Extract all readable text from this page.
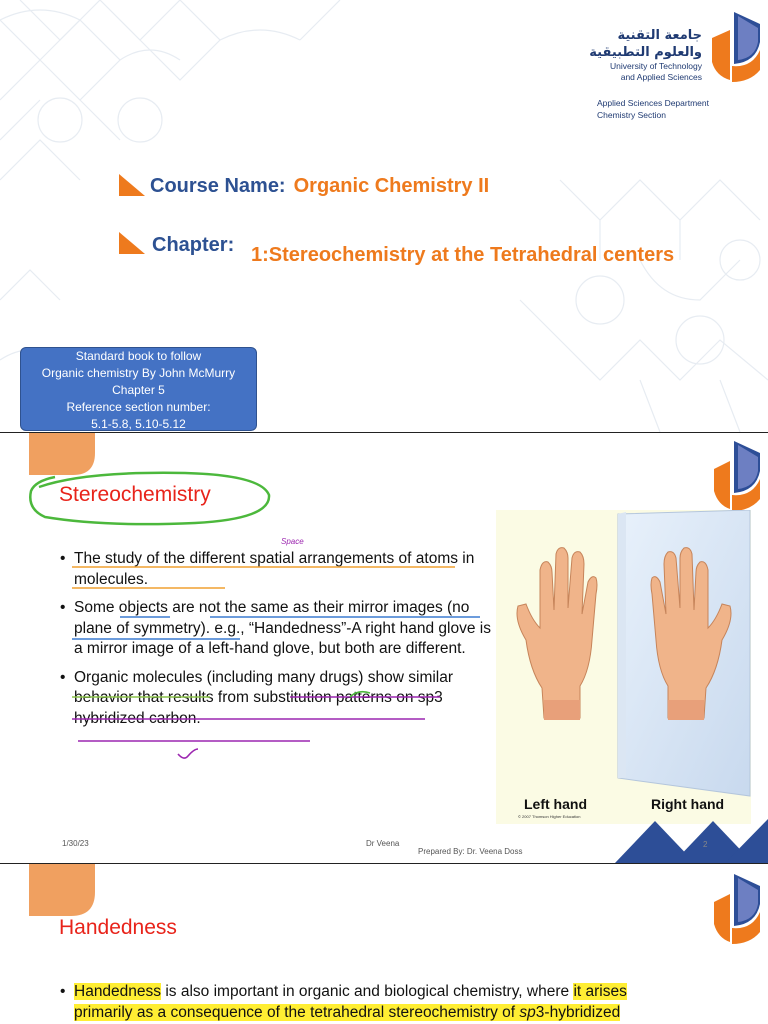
جامعة التقنية
والعلوم التطبيقية
University of Technology
and Applied Sciences
Applied Sciences Department
Chemistry Section
Course Name: Organic Chemistry II
Chapter: 1:Stereochemistry at the Tetrahedral centers
Standard book to follow
Organic chemistry By John McMurry
Chapter 5
Reference section number:
5.1-5.8, 5.10-5.12
Stereochemistry
Space
• The study of the different spatial arrangements of atoms in molecules.
• Some objects are not the same as their mirror images (no plane of symmetry). e.g., “Handedness”-A right hand glove is a mirror image of a left-hand glove, but both are different.
• Organic molecules (including many drugs) show similar behavior that results from substitution patterns on sp3 hybridized carbon.
Left hand	Right hand
© 2007 Thomson Higher Education
1/30/23	Dr Veena
Prepared By: Dr. Veena Doss
2
Handedness
• Handedness is also important in organic and biological chemistry, where it arises
primarily as a consequence of the tetrahedral stereochemistry of sp3-hybridized
